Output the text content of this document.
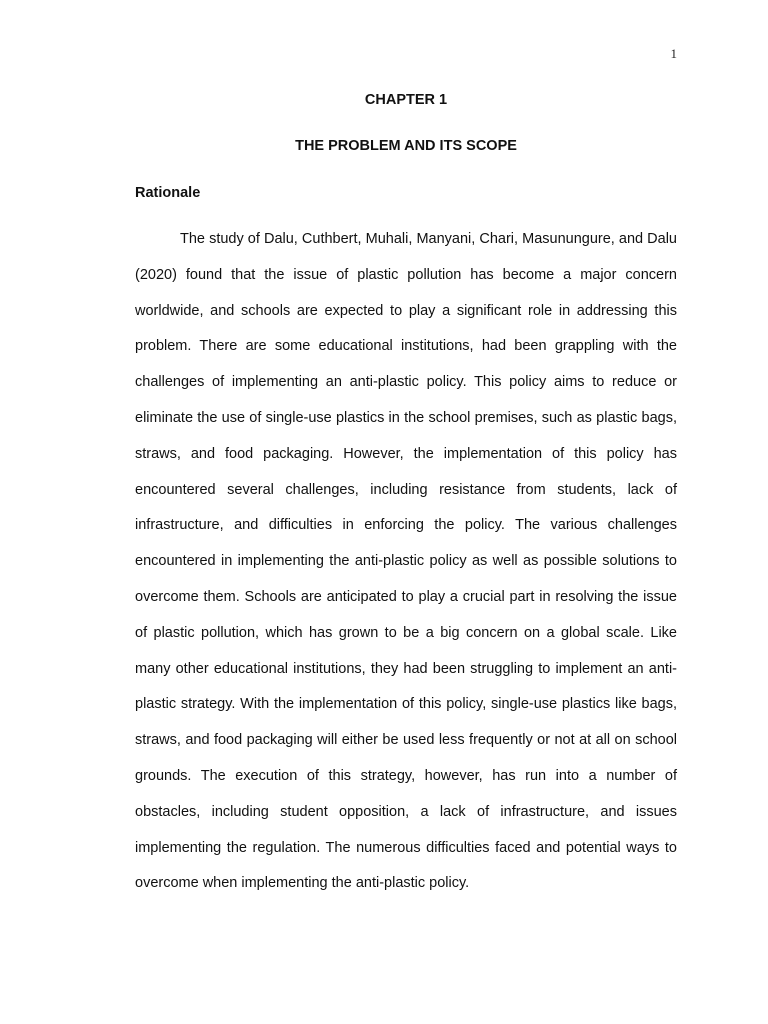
1
CHAPTER 1
THE PROBLEM AND ITS SCOPE
Rationale

The study of Dalu, Cuthbert, Muhali, Manyani, Chari, Masunungure, and Dalu (2020) found that the issue of plastic pollution has become a major concern worldwide, and schools are expected to play a significant role in addressing this problem. There are some educational institutions, had been grappling with the challenges of implementing an anti-plastic policy. This policy aims to reduce or eliminate the use of single-use plastics in the school premises, such as plastic bags, straws, and food packaging. However, the implementation of this policy has encountered several challenges, including resistance from students, lack of infrastructure, and difficulties in enforcing the policy. The various challenges encountered in implementing the anti-plastic policy as well as possible solutions to overcome them. Schools are anticipated to play a crucial part in resolving the issue of plastic pollution, which has grown to be a big concern on a global scale. Like many other educational institutions, they had been struggling to implement an anti-plastic strategy. With the implementation of this policy, single-use plastics like bags, straws, and food packaging will either be used less frequently or not at all on school grounds. The execution of this strategy, however, has run into a number of obstacles, including student opposition, a lack of infrastructure, and issues implementing the regulation. The numerous difficulties faced and potential ways to overcome when implementing the anti-plastic policy.
